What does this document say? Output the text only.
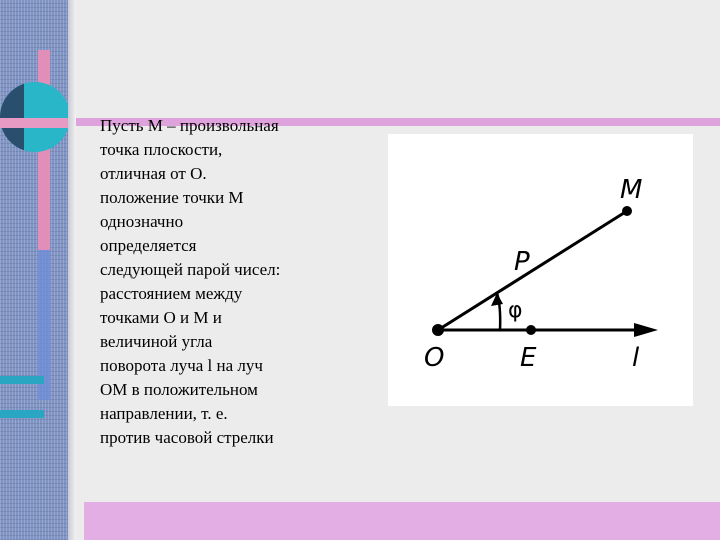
Пусть М – произвольная
точка плоскости,
отличная от О.
положение точки М
однозначно
определяется
следующей парой чисел:
расстоянием между
точками О и М и
величиной угла
поворота луча l на луч
ОМ в положительном
направлении, т. е.
против часовой стрелки

M
P
φ
O	E	l
